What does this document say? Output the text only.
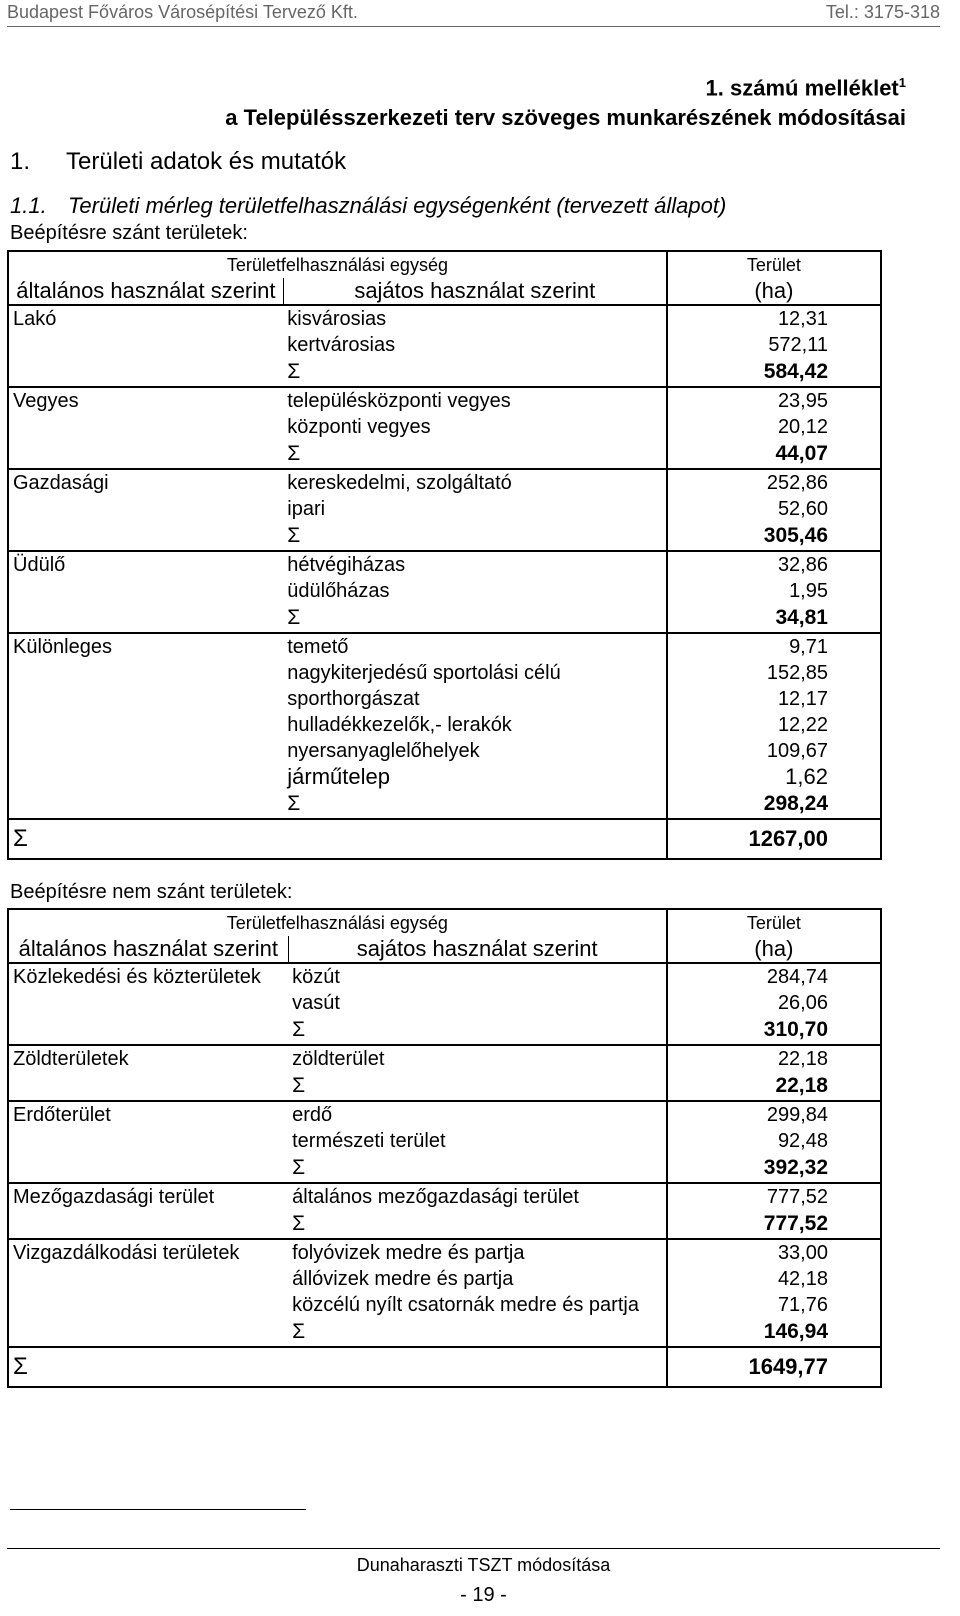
Budapest Főváros Városépítési Tervező Kft.	Tel.: 3175-318
1. számú melléklet$^1$
a Településszerkezeti terv szöveges munkarészének módosításai
1. Területi adatok és mutatók
1.1. Területi mérleg területfelhasználási egységenként (tervezett állapot)
Beépítésre szánt területek:
Területfelhasználási egység		Terület
általános használat szerint	sajátos használat szerint	(ha)
Lakó	kisvárosias	12,31
	kertvárosias	572,11
	Σ	584,42
Vegyes	településközponti vegyes	23,95
	központi vegyes	20,12
	Σ	44,07
Gazdasági	kereskedelmi, szolgáltató	252,86
	ipari	52,60
	Σ	305,46
Üdülő	hétvégiházas	32,86
	üdülőházas	1,95
	Σ	34,81
Különleges	temető	9,71
	nagykiterjedésű sportolási célú	152,85
	sporthorgászat	12,17
	hulladékkezelők,- lerakók	12,22
	nyersanyaglelőhelyek	109,67
	járműtelep	1,62
	Σ	298,24
Σ		1267,00
Beépítésre nem szánt területek:
Területfelhasználási egység		Terület
általános használat szerint	sajátos használat szerint	(ha)
Közlekedési és közterületek	közút	284,74
	vasút	26,06
	Σ	310,70
Zöldterületek	zöldterület	22,18
	Σ	22,18
Erdőterület	erdő	299,84
	természeti terület	92,48
	Σ	392,32
Mezőgazdasági terület	általános mezőgazdasági terület	777,52
	Σ	777,52
Vizgazdálkodási területek	folyóvizek medre és partja	33,00
	állóvizek medre és partja	42,18
	közcélú nyílt csatornák medre és partja	71,76
	Σ	146,94
Σ		1649,77
Dunaharaszti TSZT módosítása
- 19 -
